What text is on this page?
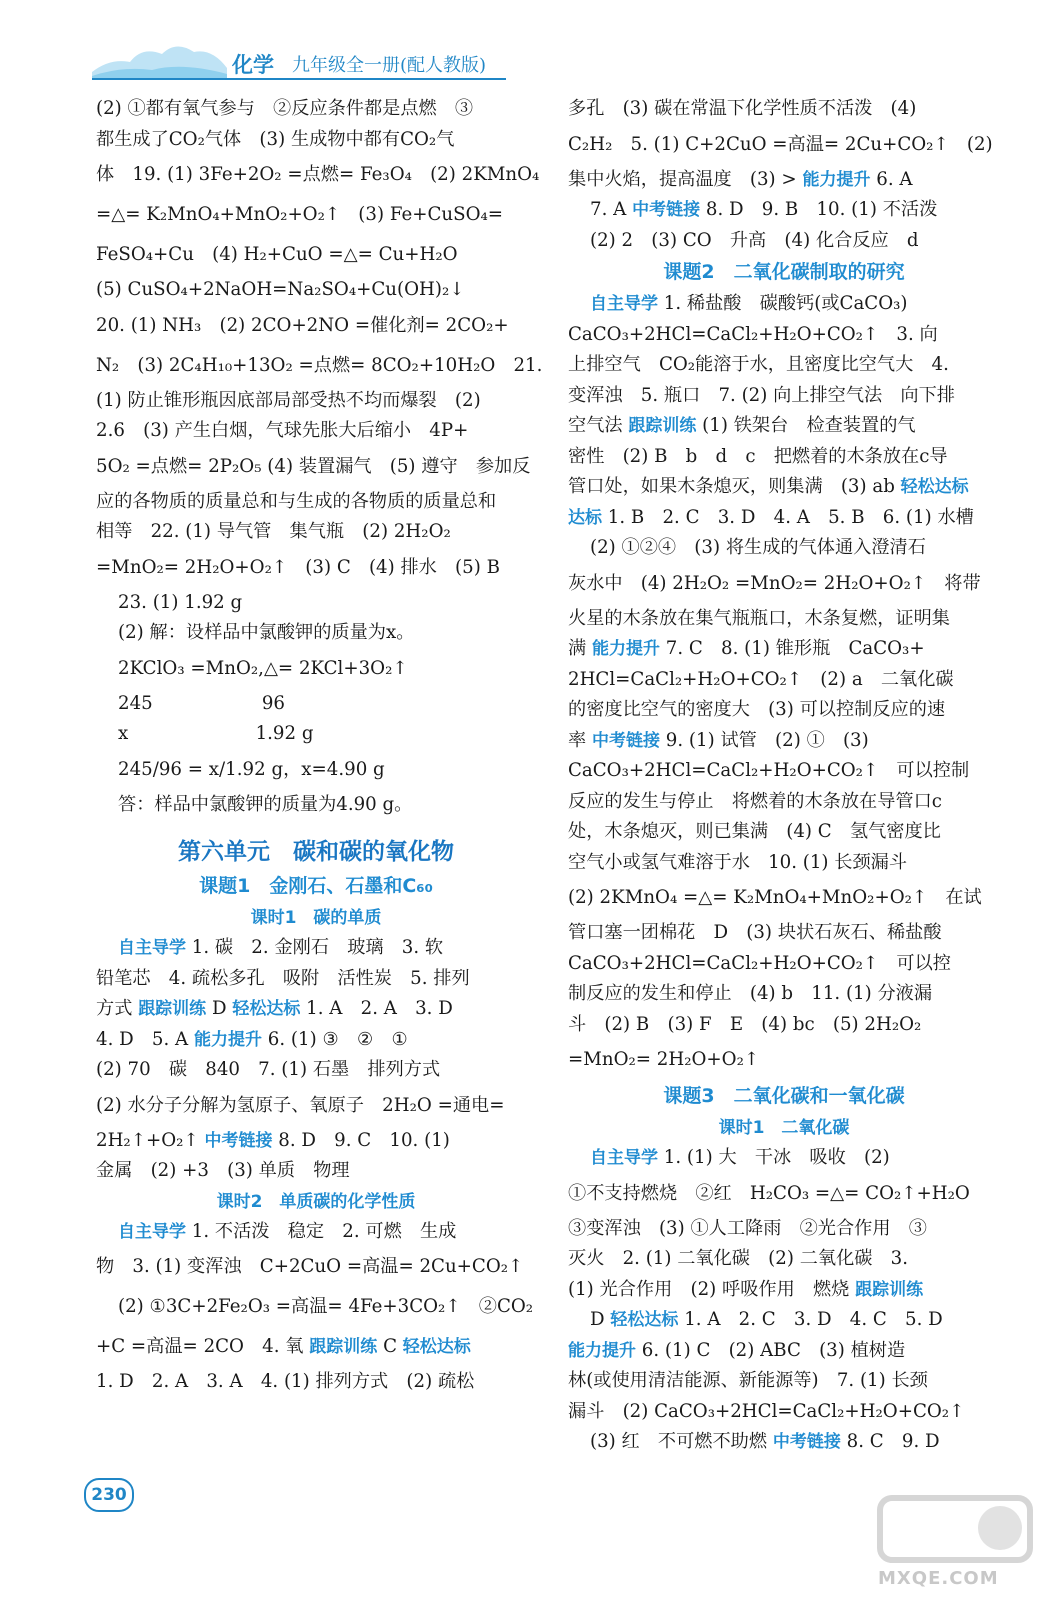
化学 九年级全一册(配人教版)
(2) ①都有氧气参与　②反应条件都是点燃　③
都生成了CO₂气体　(3) 生成物中都有CO₂气
体　19. (1) 3Fe+2O₂ =点燃= Fe₃O₄　(2) 2KMnO₄
=△= K₂MnO₄+MnO₂+O₂↑　(3) Fe+CuSO₄=
FeSO₄+Cu　(4) H₂+CuO =△= Cu+H₂O
(5) CuSO₄+2NaOH=Na₂SO₄+Cu(OH)₂↓
20. (1) NH₃　(2) 2CO+2NO =催化剂= 2CO₂+
N₂　(3) 2C₄H₁₀+13O₂ =点燃= 8CO₂+10H₂O　21.
(1) 防止锥形瓶因底部局部受热不均而爆裂　(2)
2.6　(3) 产生白烟，气球先胀大后缩小　4P+
5O₂ =点燃= 2P₂O₅ (4) 装置漏气　(5) 遵守　参加反
应的各物质的质量总和与生成的各物质的质量总和
相等　22. (1) 导气管　集气瓶　(2) 2H₂O₂
=MnO₂= 2H₂O+O₂↑　(3) C　(4) 排水　(5) B
23. (1) 1.92 g
(2) 解：设样品中氯酸钾的质量为x。
2KClO₃ =MnO₂,△= 2KCl+3O₂↑
245　　　　　　96
x　　　　　　　1.92 g
245/96 = x/1.92 g，x=4.90 g
答：样品中氯酸钾的质量为4.90 g。
第六单元　碳和碳的氧化物
课题1　金刚石、石墨和C₆₀
课时1　碳的单质
自主导学 1. 碳　2. 金刚石　玻璃　3. 软
铅笔芯　4. 疏松多孔　吸附　活性炭　5. 排列
方式 跟踪训练 D 轻松达标 1. A　2. A　3. D
4. D　5. A 能力提升 6. (1) ③　②　①
(2) 70　碳　840　7. (1) 石墨　排列方式
(2) 水分子分解为氢原子、氧原子　2H₂O =通电=
2H₂↑+O₂↑ 中考链接 8. D　9. C　10. (1)
金属　(2) +3　(3) 单质　物理
课时2　单质碳的化学性质
自主导学 1. 不活泼　稳定　2. 可燃　生成
物　3. (1) 变浑浊　C+2CuO =高温= 2Cu+CO₂↑
(2) ①3C+2Fe₂O₃ =高温= 4Fe+3CO₂↑　②CO₂
+C =高温= 2CO　4. 氧 跟踪训练 C 轻松达标
1. D　2. A　3. A　4. (1) 排列方式　(2) 疏松
多孔　(3) 碳在常温下化学性质不活泼　(4)
C₂H₂　5. (1) C+2CuO =高温= 2Cu+CO₂↑　(2)
集中火焰，提高温度　(3) > 能力提升 6. A
7. A 中考链接 8. D　9. B　10. (1) 不活泼
(2) 2　(3) CO　升高　(4) 化合反应　d
课题2　二氧化碳制取的研究
自主导学 1. 稀盐酸　碳酸钙(或CaCO₃)
CaCO₃+2HCl=CaCl₂+H₂O+CO₂↑　3. 向
上排空气　CO₂能溶于水，且密度比空气大　4.
变浑浊　5. 瓶口　7. (2) 向上排空气法　向下排
空气法 跟踪训练 (1) 铁架台　检查装置的气
密性　(2) B　b　d　c　把燃着的木条放在c导
管口处，如果木条熄灭，则集满　(3) ab 轻松达标
达标 1. B　2. C　3. D　4. A　5. B　6. (1) 水槽
(2) ①②④　(3) 将生成的气体通入澄清石
灰水中　(4) 2H₂O₂ =MnO₂= 2H₂O+O₂↑　将带
火星的木条放在集气瓶瓶口，木条复燃，证明集
满 能力提升 7. C　8. (1) 锥形瓶　CaCO₃+
2HCl=CaCl₂+H₂O+CO₂↑　(2) a　二氧化碳
的密度比空气的密度大　(3) 可以控制反应的速
率 中考链接 9. (1) 试管　(2) ①　(3)
CaCO₃+2HCl=CaCl₂+H₂O+CO₂↑　可以控制
反应的发生与停止　将燃着的木条放在导管口c
处，木条熄灭，则已集满　(4) C　氢气密度比
空气小或氢气难溶于水　10. (1) 长颈漏斗
(2) 2KMnO₄ =△= K₂MnO₄+MnO₂+O₂↑　在试
管口塞一团棉花　D　(3) 块状石灰石、稀盐酸
CaCO₃+2HCl=CaCl₂+H₂O+CO₂↑　可以控
制反应的发生和停止　(4) b　11. (1) 分液漏
斗　(2) B　(3) F　E　(4) bc　(5) 2H₂O₂
=MnO₂= 2H₂O+O₂↑
课题3　二氧化碳和一氧化碳
课时1　二氧化碳
自主导学 1. (1) 大　干冰　吸收　(2)
①不支持燃烧　②红　H₂CO₃ =△= CO₂↑+H₂O
③变浑浊　(3) ①人工降雨　②光合作用　③
灭火　2. (1) 二氧化碳　(2) 二氧化碳　3.
(1) 光合作用　(2) 呼吸作用　燃烧 跟踪训练
D 轻松达标 1. A　2. C　3. D　4. C　5. D
能力提升 6. (1) C　(2) ABC　(3) 植树造
林(或使用清洁能源、新能源等)　7. (1) 长颈
漏斗　(2) CaCO₃+2HCl=CaCl₂+H₂O+CO₂↑
(3) 红　不可燃不助燃 中考链接 8. C　9. D
230
MXQE.COM
